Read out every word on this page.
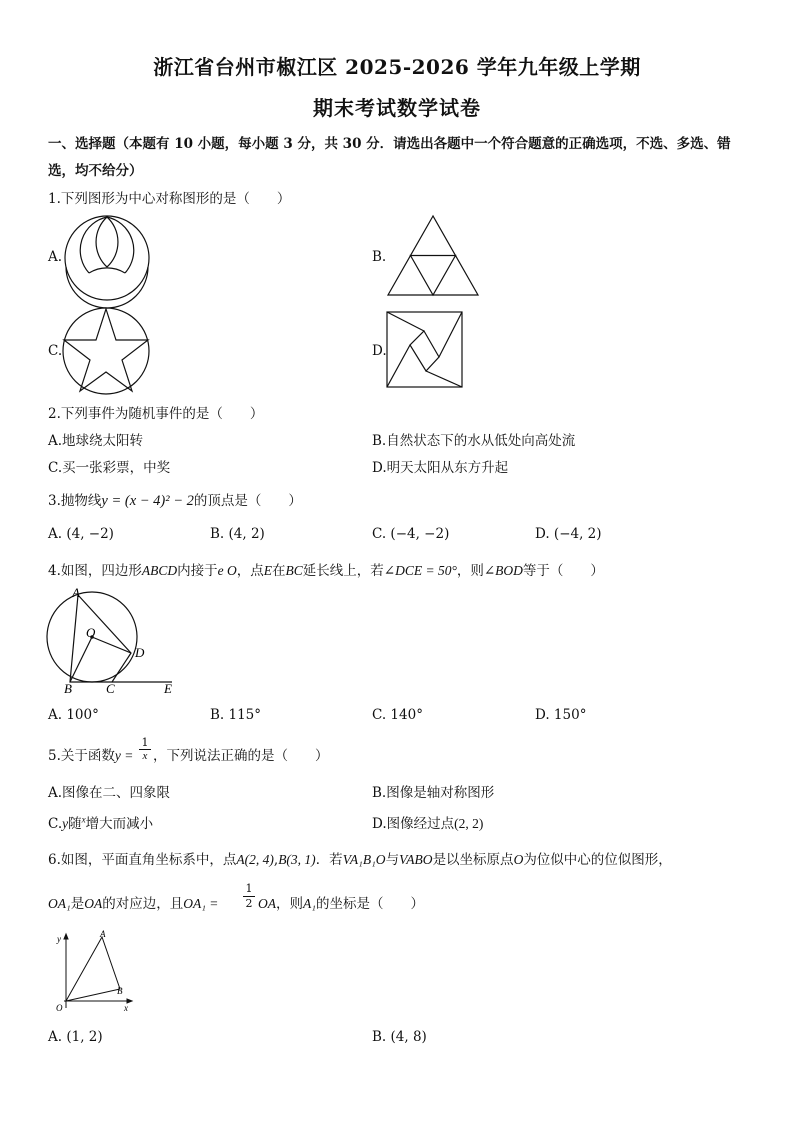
浙江省台州市椒江区 2025-2026 学年九年级上学期
期末考试数学试卷
一、选择题（本题有 10 小题，每小题 3 分，共 30 分．请选出各题中一个符合题意的正确选项，不选、多选、错
选，均不给分）
1.下列图形为中心对称图形的是（　　）
A.	B.
C.	D.
2.下列事件为随机事件的是（　　）
A.地球绕太阳转	B.自然状态下的水从低处向高处流
C.买一张彩票，中奖	D.明天太阳从东方升起
3.抛物线y = (x − 4)² − 2的顶点是（　　）
A. (4, −2)	B. (4, 2)	C. (−4, −2)	D. (−4, 2)
4.如图，四边形ABCD内接于e O，点E在BC延长线上，若∠DCE = 50°，则∠BOD等于（　　）
A
O
D
B	C	E
A. 100°	B. 115°	C. 140°	D. 150°
5.关于函数$y = \frac{1}{x}$ ，下列说法正确的是（　　）
A.图像在二、四象限	B.图像是轴对称图形
C.y随$^x$增大而减小	D.图像经过点(2, 2)
6.如图，平面直角坐标系中，点A(2, 4),B(3, 1)．若VA₁B₁O与VABO是以坐标原点O为位似中心的位似图形，
OA₁是OA的对应边，且$OA_1 = \frac{1}{2}$ OA，则A₁的坐标是（　　）
y	A
B
O	x
A. (1, 2)	B. (4, 8)
